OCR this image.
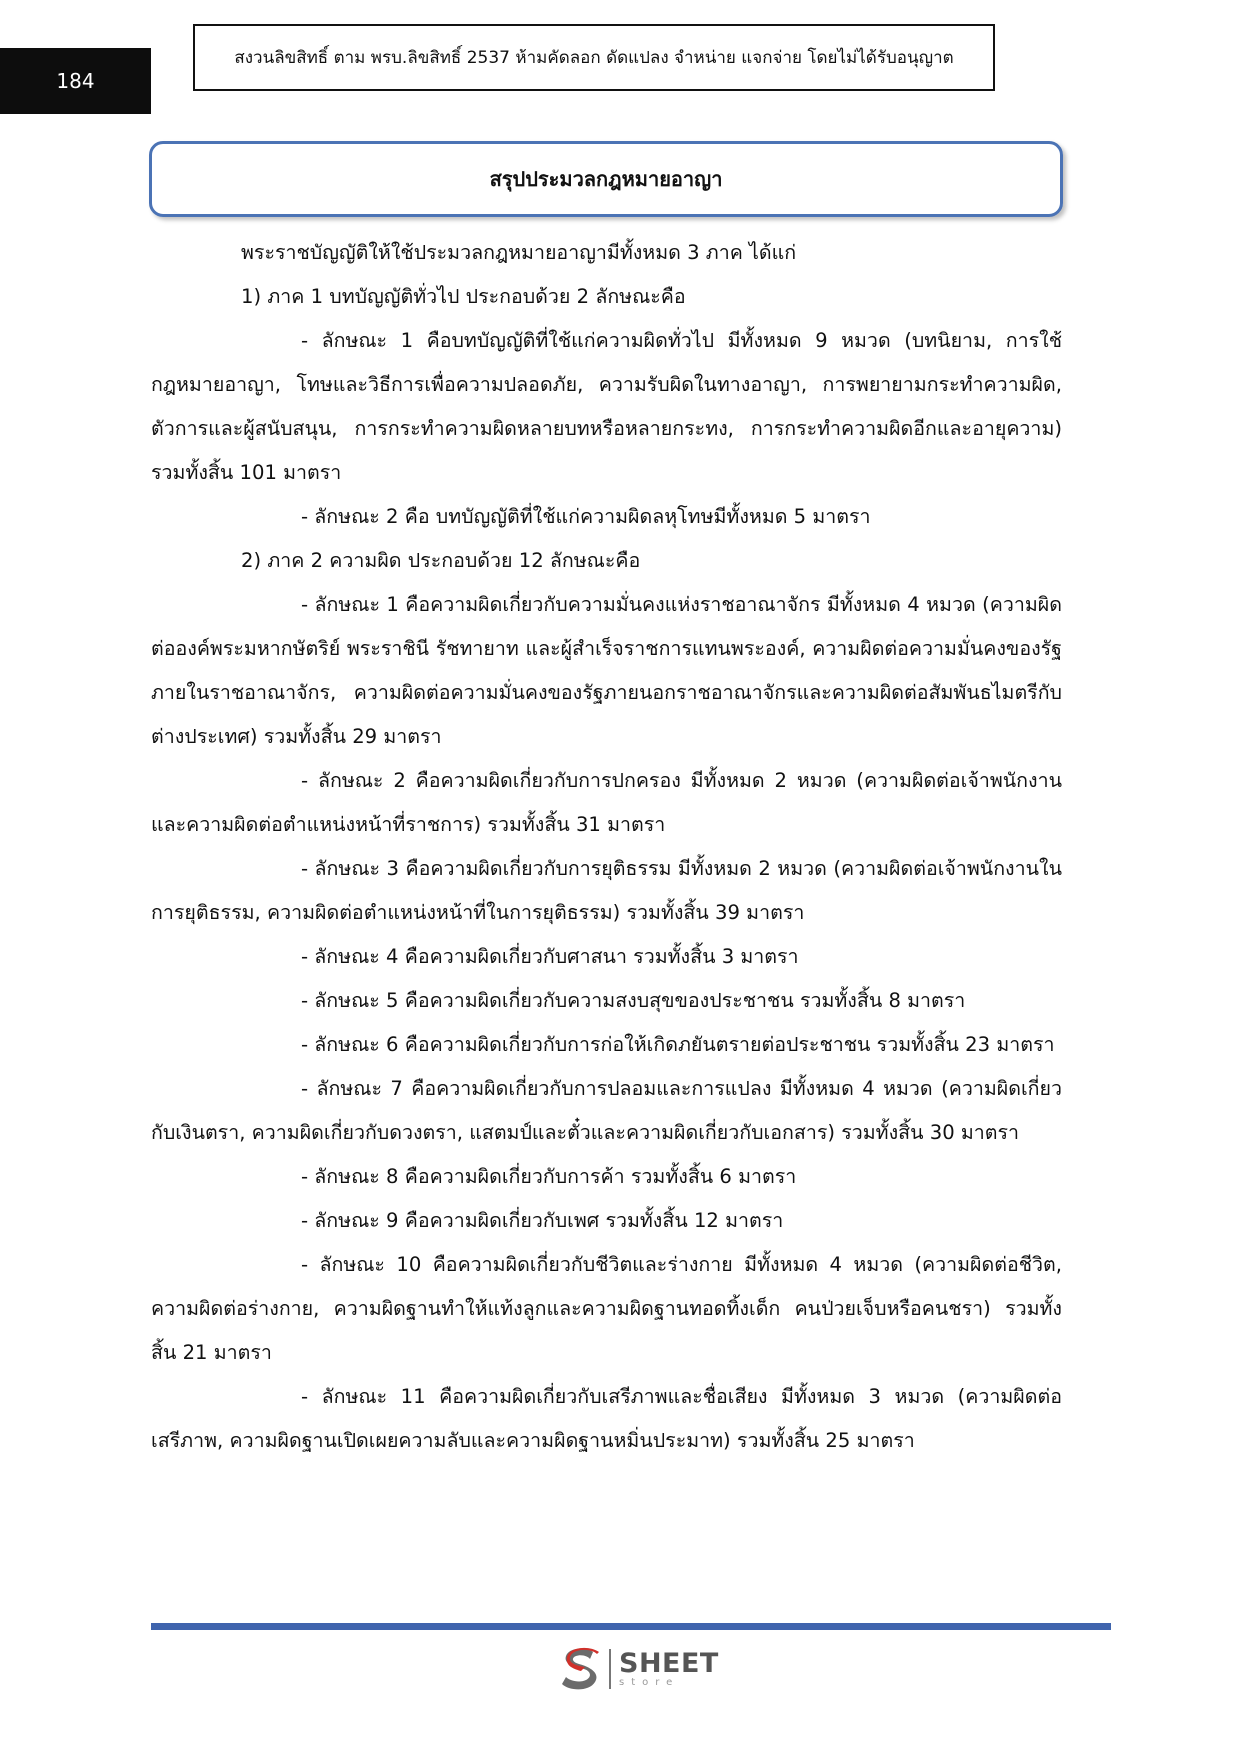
184
สงวนลิขสิทธิ์ ตาม พรบ.ลิขสิทธิ์ 2537 ห้ามคัดลอก ดัดแปลง จำหน่าย แจกจ่าย โดยไม่ได้รับอนุญาต
สรุปประมวลกฎหมายอาญา

พระราชบัญญัติให้ใช้ประมวลกฎหมายอาญามีทั้งหมด 3 ภาค ได้แก่

1) ภาค 1 บทบัญญัติทั่วไป ประกอบด้วย 2 ลักษณะคือ

- ลักษณะ 1 คือบทบัญญัติที่ใช้แก่ความผิดทั่วไป มีทั้งหมด 9 หมวด (บทนิยาม, การใช้กฎหมายอาญา, โทษและวิธีการเพื่อความปลอดภัย, ความรับผิดในทางอาญา, การพยายามกระทำความผิด, ตัวการและผู้สนับสนุน, การกระทำความผิดหลายบทหรือหลายกระทง, การกระทำความผิดอีกและอายุความ) รวมทั้งสิ้น 101 มาตรา

- ลักษณะ 2 คือ บทบัญญัติที่ใช้แก่ความผิดลหุโทษมีทั้งหมด 5 มาตรา

2) ภาค 2 ความผิด ประกอบด้วย 12 ลักษณะคือ

- ลักษณะ 1 คือความผิดเกี่ยวกับความมั่นคงแห่งราชอาณาจักร มีทั้งหมด 4 หมวด (ความผิดต่อองค์พระมหากษัตริย์ พระราชินี รัชทายาท และผู้สำเร็จราชการแทนพระองค์, ความผิดต่อความมั่นคงของรัฐภายในราชอาณาจักร, ความผิดต่อความมั่นคงของรัฐภายนอกราชอาณาจักรและความผิดต่อสัมพันธไมตรีกับต่างประเทศ) รวมทั้งสิ้น 29 มาตรา

- ลักษณะ 2 คือความผิดเกี่ยวกับการปกครอง มีทั้งหมด 2 หมวด (ความผิดต่อเจ้าพนักงานและความผิดต่อตำแหน่งหน้าที่ราชการ) รวมทั้งสิ้น 31 มาตรา

- ลักษณะ 3 คือความผิดเกี่ยวกับการยุติธรรม มีทั้งหมด 2 หมวด (ความผิดต่อเจ้าพนักงานในการยุติธรรม, ความผิดต่อตำแหน่งหน้าที่ในการยุติธรรม) รวมทั้งสิ้น 39 มาตรา

- ลักษณะ 4 คือความผิดเกี่ยวกับศาสนา รวมทั้งสิ้น 3 มาตรา

- ลักษณะ 5 คือความผิดเกี่ยวกับความสงบสุขของประชาชน รวมทั้งสิ้น 8 มาตรา

- ลักษณะ 6 คือความผิดเกี่ยวกับการก่อให้เกิดภยันตรายต่อประชาชน รวมทั้งสิ้น 23 มาตรา

- ลักษณะ 7 คือความผิดเกี่ยวกับการปลอมและการแปลง มีทั้งหมด 4 หมวด (ความผิดเกี่ยวกับเงินตรา, ความผิดเกี่ยวกับดวงตรา, แสตมป์และตั๋วและความผิดเกี่ยวกับเอกสาร) รวมทั้งสิ้น 30 มาตรา

- ลักษณะ 8 คือความผิดเกี่ยวกับการค้า รวมทั้งสิ้น 6 มาตรา

- ลักษณะ 9 คือความผิดเกี่ยวกับเพศ รวมทั้งสิ้น 12 มาตรา

- ลักษณะ 10 คือความผิดเกี่ยวกับชีวิตและร่างกาย มีทั้งหมด 4 หมวด (ความผิดต่อชีวิต, ความผิดต่อร่างกาย, ความผิดฐานทำให้แท้งลูกและความผิดฐานทอดทิ้งเด็ก คนป่วยเจ็บหรือคนชรา) รวมทั้งสิ้น 21 มาตรา

- ลักษณะ 11 คือความผิดเกี่ยวกับเสรีภาพและชื่อเสียง มีทั้งหมด 3 หมวด (ความผิดต่อเสรีภาพ, ความผิดฐานเปิดเผยความลับและความผิดฐานหมิ่นประมาท) รวมทั้งสิ้น 25 มาตรา

SHEET
store
